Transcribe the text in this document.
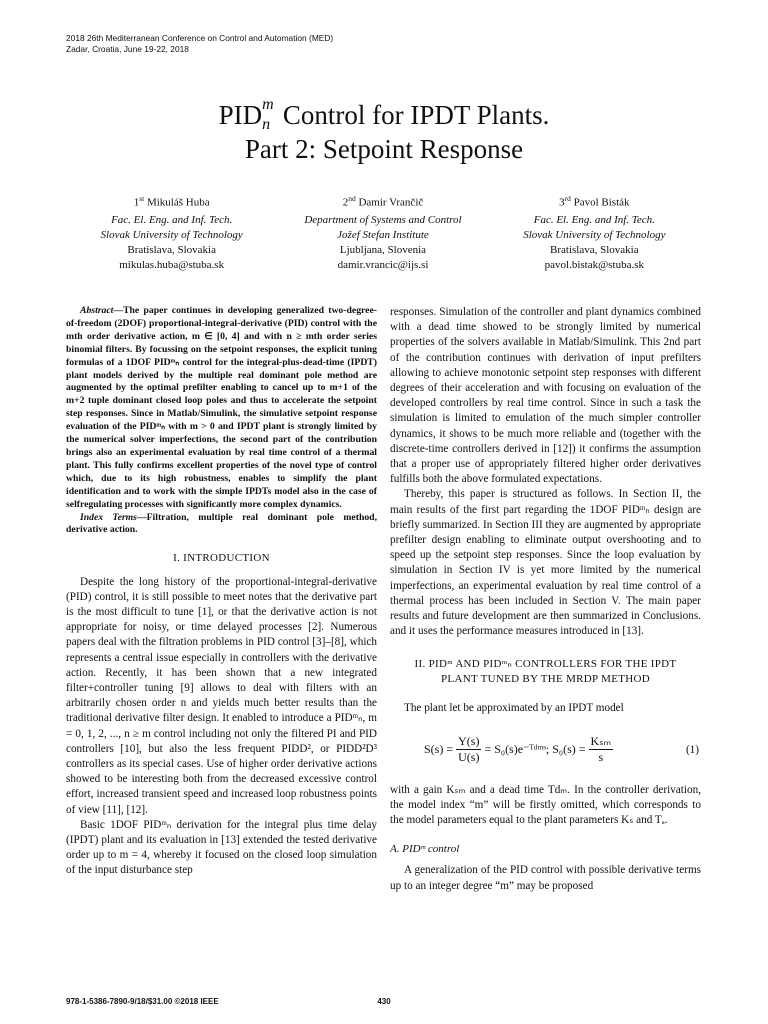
2018 26th Mediterranean Conference on Control and Automation (MED)
Zadar, Croatia, June 19-22, 2018
PID m
n Control for IPDT Plants.
Part 2: Setpoint Response
1st Mikuláš Huba
Fac. El. Eng. and Inf. Tech.
Slovak University of Technology
Bratislava, Slovakia
mikulas.huba@stuba.sk
2nd Damir Vrančič
Department of Systems and Control
Jožef Stefan Institute
Ljubljana, Slovenia
damir.vrancic@ijs.si
3rd Pavol Bisták
Fac. El. Eng. and Inf. Tech.
Slovak University of Technology
Bratislava, Slovakia
pavol.bistak@stuba.sk
Abstract—The paper continues in developing generalized two-degree-of-freedom (2DOF) proportional-integral-derivative (PID) control with the mth order derivative action, m ∈ [0, 4] and with n ≥ mth order series binomial filters. By focussing on the setpoint responses, the explicit tuning formulas of a 1DOF PIDᵐₙ control for the integral-plus-dead-time (IPDT) plant models derived by the multiple real dominant pole method are augmented by the optimal prefilter enabling to cancel up to m+1 of the m+2 tuple dominant closed loop poles and thus to accelerate the setpoint step responses. Since in Matlab/Simulink, the simulative setpoint response evaluation of the PIDᵐₙ with m > 0 and IPDT plant is strongly limited by the numerical solver imperfections, the second part of the contribution brings also an experimental evaluation by real time control of a thermal plant. This fully confirms excellent properties of the novel type of control which, due to its high robustness, enables to simplify the plant identification and to work with the simple IPDTs model also in the case of selfregulating processes with significantly more complex dynamics.
Index Terms—Filtration, multiple real dominant pole method, derivative action.
I. INTRODUCTION

Despite the long history of the proportional-integral-derivative (PID) control, it is still possible to meet notes that the derivative part is the most difficult to tune [1], or that the derivative action is not appropriate for noisy, or time delayed processes [2]. Numerous papers deal with the filtration problems in PID control [3]–[8], which represents a central issue especially in controllers with the derivative action. Recently, it has been shown that a new integrated filter+controller tuning [9] allows to deal with filters with an arbitrarily chosen order n and yields much better results than the traditional derivative filter design. It enabled to introduce a PIDᵐₙ, m = 0, 1, 2, ..., n ≥ m control including not only the filtered PI and PID controllers [10], but also the less frequent PIDD², or PIDD²D³ controllers as its special cases. Use of higher order derivative actions showed to be interesting both from the decreased excessive control effort, increased transient speed and increased loop robustness points of view [11], [12].

Basic 1DOF PIDᵐₙ derivation for the integral plus time delay (IPDT) plant and its evaluation in [13] extended the tested derivative order up to m = 4, whereby it focused on the closed loop simulation of the input disturbance step

responses. Simulation of the controller and plant dynamics combined with a dead time showed to be strongly limited by numerical properties of the solvers available in Matlab/Simulink. This 2nd part of the contribution continues with derivation of input prefilters allowing to achieve monotonic setpoint step responses with different degrees of their acceleration and with focusing on evaluation of the developed controllers by real time control. Since in such a task the simulation is limited to emulation of the much simpler controller dynamics, it shows to be much more reliable and (together with the discrete-time controllers derived in [12]) it confirms the assumption that a proper use of appropriately filtered higher order derivatives fulfills both the above formulated expectations.

Thereby, this paper is structured as follows. In Section II, the main results of the first part regarding the 1DOF PIDᵐₙ design are briefly summarized. In Section III they are augmented by appropriate prefilter design enabling to eliminate output overshooting and to speed up the setpoint step responses. Since the loop evaluation by simulation in Section IV is yet more limited by the numerical imperfections, an experimental evaluation by real time control of a thermal process has been included in Section V. The main paper results and future development are then summarized in Conclusions. and it uses the performance measures introduced in [13].

II. PIDᵐ AND PIDᵐₙ CONTROLLERS FOR THE IPDT
PLANT TUNED BY THE MRDP METHOD

The plant let be approximated by an IPDT model

$S(s) = \frac{Y(s)}{U(s)}$ = S₀(s)e⁻ᵀᵈᵐˢ; $S_0(s) = \frac{\text{Kₛₘ}}{s}$	(1)

with a gain Kₛₘ and a dead time Tdₘ. In the controller derivation, the model index “m” will be firstly omitted, which corresponds to the model parameters equal to the plant parameters Kₛ and Tₐ.

A. PIDᵐ control

A generalization of the PID control with possible derivative terms up to an integer degree “m” may be proposed

978-1-5386-7890-9/18/$31.00 ©2018 IEEE	430
